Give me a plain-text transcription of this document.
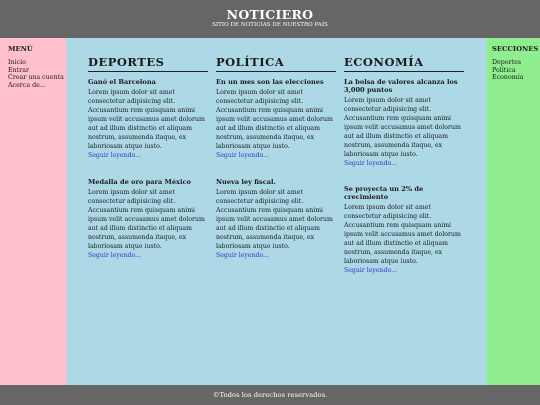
NOTICIERO
SITIO DE NOTICIAS DE NUESTRO PAÍS
MENÚ
Inicio
Entrar
Crear una cuenta
Acerca de...
DEPORTES
Ganó el Barcelona

Lorem ipsum dolor sit amet consectetur adipisicing elit. Accusantium rem quisquam animi ipsum velit accusamus amet dolorum aut ad illum distinctio et aliquam nostrum, assumenda itaque, ex laboriosam atque iusto.

Seguir leyendo...
Medalla de oro para México

Lorem ipsum dolor sit amet consectetur adipisicing elit. Accusantium rem quisquam animi ipsum velit accusamus amet dolorum aut ad illum distinctio et aliquam nostrum, assumenda itaque, ex laboriosam atque iusto.

Seguir leyendo...
POLÍTICA
En un mes son las elecciones

Lorem ipsum dolor sit amet consectetur adipisicing elit. Accusantium rem quisquam animi ipsum velit accusamus amet dolorum aut ad illum distinctio et aliquam nostrum, assumenda itaque, ex laboriosam atque iusto.

Seguir leyendo...
Nueva ley fiscal.

Lorem ipsum dolor sit amet consectetur adipisicing elit. Accusantium rem quisquam animi ipsum velit accusamus amet dolorum aut ad illum distinctio et aliquam nostrum, assumenda itaque, ex laboriosam atque iusto.

Seguir leyendo...
ECONOMÍA
La bolsa de valores alcanza los 3,000 puntos

Lorem ipsum dolor sit amet consectetur adipisicing elit. Accusantium rem quisquam animi ipsum velit accusamus amet dolorum aut ad illum distinctio et aliquam nostrum, assumenda itaque, ex laboriosam atque iusto.

Seguir leyendo...
Se proyecta un 2% de crecimiento

Lorem ipsum dolor sit amet consectetur adipisicing elit. Accusantium rem quisquam animi ipsum velit accusamus amet dolorum aut ad illum distinctio et aliquam nostrum, assumenda itaque, ex laboriosam atque iusto.

Seguir leyendo...
SECCIONES
Deportes
Política
Economía
©Todos los derechos reservados.
